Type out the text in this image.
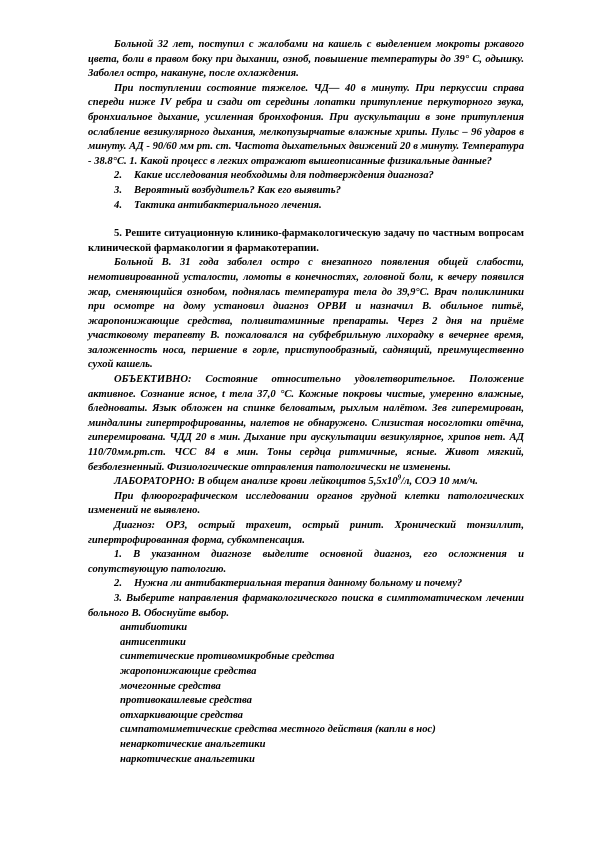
Больной 32 лет, поступил с жалобами на кашель с выделением мокроты ржавого цвета, боли в правом боку при дыхании, озноб, повышение температуры до 39° С, одышку. Заболел остро, накануне, после охлаждения.

При поступлении состояние тяжелое. ЧД— 40 в минуту. При перкуссии справа спереди ниже IV ребра и сзади от середины лопатки притупление перкуторного звука, бронхиальное дыхание, усиленная бронхофония. При аускультации в зоне притупления ослабление везикулярного дыхания, мелкопузырчатые влажные хрипы. Пульс – 96 ударов в минуту. АД - 90/60 мм рт. ст. Частота дыхательных движений 20 в минуту. Температура - 38.8°С. 1. Какой процесс в легких отражают вышеописанные физикальные данные?

2.	Какие исследования необходимы для подтверждения диагноза?

3.	Вероятный возбудитель? Как его выявить?

4.	Тактика антибактериального лечения.

5. Решите ситуационную клинико-фармакологическую задачу по частным вопросам клинической фармакологии я фармакотерапии.

Больной В. 31 года заболел остро с внезапного появления общей слабости, немотивированной усталости, ломоты в конечностях, головной боли, к вечеру появился жар, сменяющийся ознобом, поднялась температура тела до 39,9°С. Врач поликлиники при осмотре на дому установил диагноз ОРВИ и назначил В. обильное питьё, жаропонижающие средства, поливитаминные препараты. Через 2 дня на приёме участковому терапевту В. пожаловался на субфебрильную лихорадку в вечернее время, заложенность носа, першение в горле, приступообразный, саднящий, преимущественно сухой кашель.

ОБЪЕКТИВНО: Состояние относительно удовлетворительное. Положение активное. Сознание ясное, t тела 37,0 °С. Кожные покровы чистые, умеренно влажные, бледноваты. Язык обложен на спинке беловатым, рыхлым налётом. Зев гиперемирован, миндалины гипертрофированны, налетов не обнаружено. Слизистая носоглотки отёчна, гиперемирована. ЧДД 20 в мин. Дыхание при аускультации везикулярное, хрипов нет. АД 110/70мм.рт.ст. ЧСС 84 в мин. Тоны сердца ритмичные, ясные. Живот мягкий, безболезненный. Физиологические отправления патологически не изменены.

ЛАБОРАТОРНО: В общем анализе крови лейкоцитов $5,5х10^9/л$, СОЭ 10 мм/ч.

При флюорографическом исследовании органов грудной клетки патологических изменений не выявлено.

Диагноз: ОРЗ, острый трахеит, острый ринит. Хронический тонзиллит, гипертрофированная форма, субкомпенсация.

1. В указанном диагнозе выделите основной диагноз, его осложнения и сопутствующую патологию.

2.	Нужна ли антибактериальная терапия данному больному и почему?

3. Выберите направления фармакологического поиска в симптоматическом лечении больного В. Обоснуйте выбор.

антибиотики

антисептики

синтетические противомикробные средства

жаропонижающие средства

мочегонные средства

противокашлевые средства

отхаркивающие средства

симпатомиметические средства местного действия (капли в нос)

ненаркотические анальгетики

наркотические анальгетики
